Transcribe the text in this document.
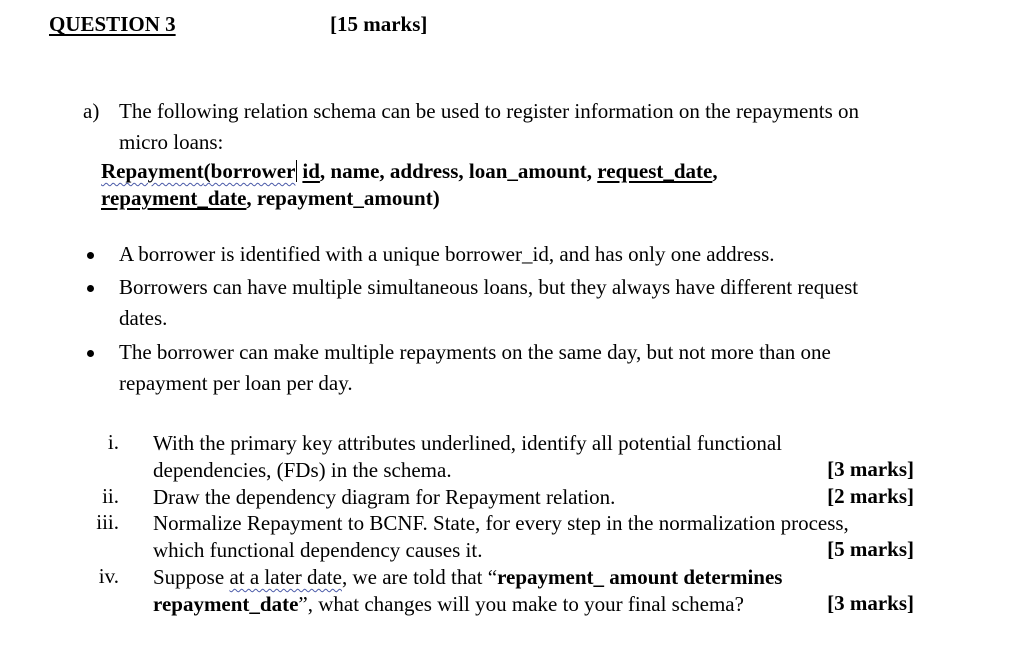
QUESTION 3	[15 marks]
a) The following relation schema can be used to register information on the repayments on
micro loans:
Repayment(borrower id, name, address, loan_amount, request_date,
repayment_date, repayment_amount)
A borrower is identified with a unique borrower_id, and has only one address.
Borrowers can have multiple simultaneous loans, but they always have different request
dates.
The borrower can make multiple repayments on the same day, but not more than one
repayment per loan per day.
i. With the primary key attributes underlined, identify all potential functional
dependencies, (FDs) in the schema.	[3 marks]
ii. Draw the dependency diagram for Repayment relation.	[2 marks]
iii. Normalize Repayment to BCNF. State, for every step in the normalization process,
which functional dependency causes it.	[5 marks]
iv. Suppose at a later date, we are told that “repayment_ amount determines
repayment_date”, what changes will you make to your final schema?	[3 marks]
